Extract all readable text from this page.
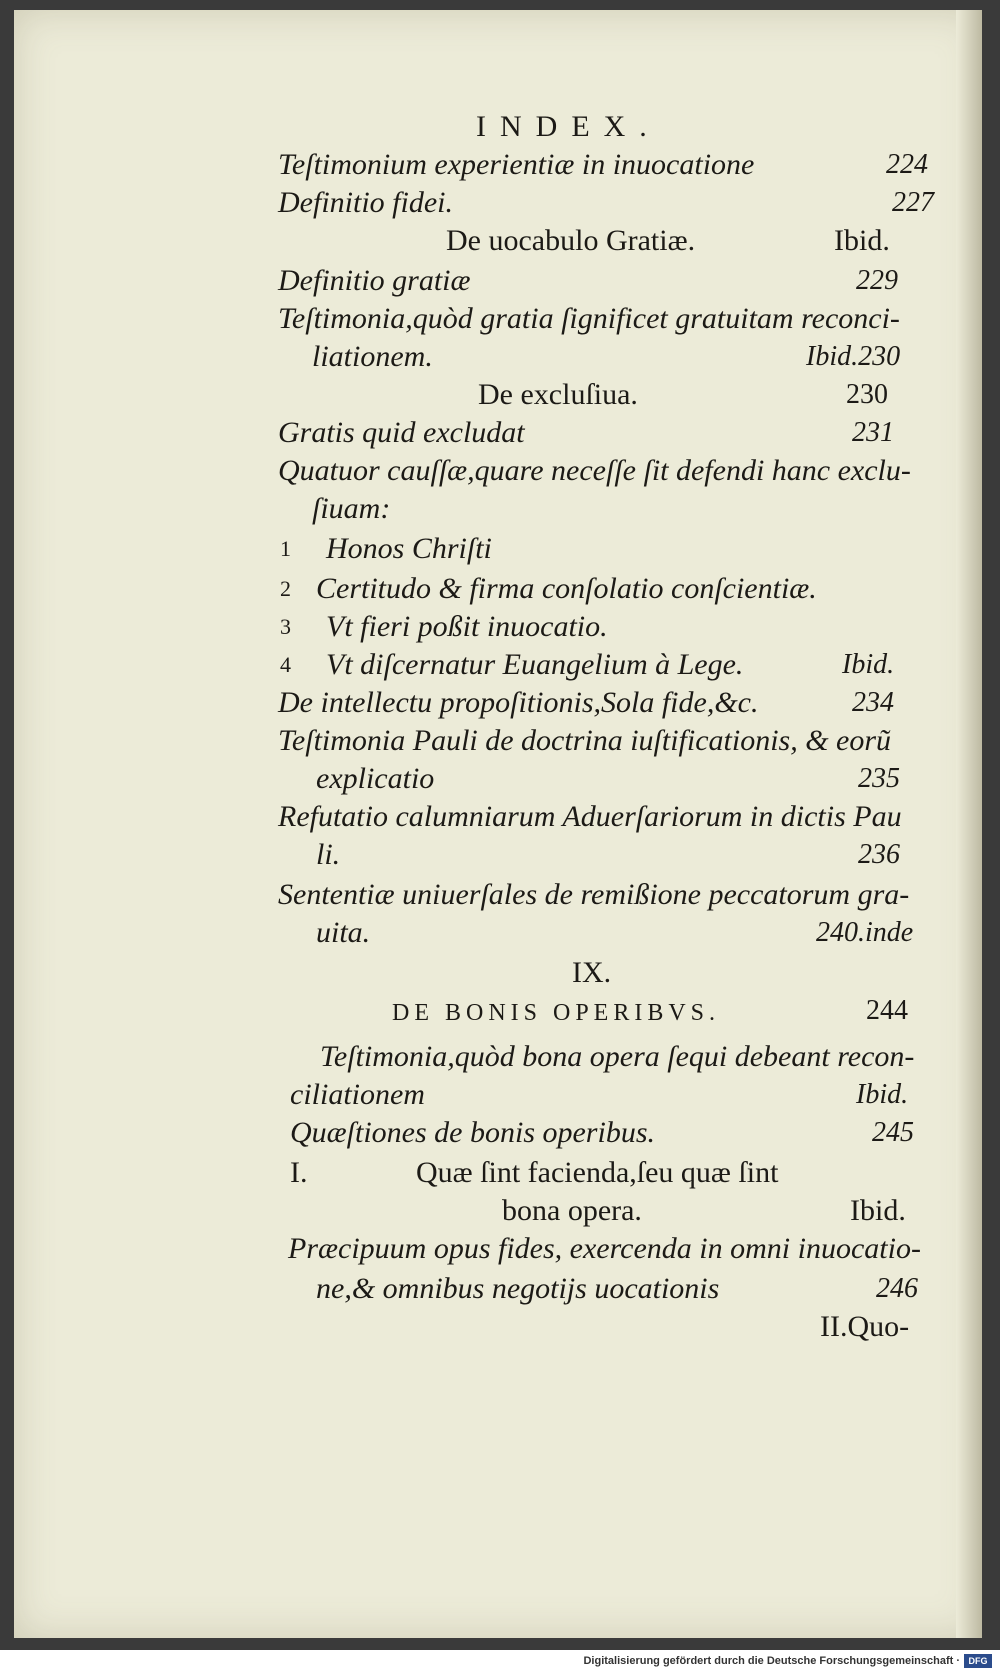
INDEX.
Teſtimonium experientiæ in inuocatione	224
Definitio fidei.	227
De uocabulo Gratiæ.	Ibid.
Definitio gratiæ	229
Teſtimonia,quòd gratia ſignificet gratuitam reconci-
liationem.	Ibid.230
De excluſiua.	230
Gratis quid excludat	231
Quatuor cauſſæ,quare neceſſe ſit defendi hanc exclu-
ſiuam:
1 Honos Chriſti
2 Certitudo & firma conſolatio conſcientiæ.
3 Vt fieri poßit inuocatio.
4 Vt diſcernatur Euangelium à Lege.	Ibid.
De intellectu propoſitionis,Sola fide,&c.	234
Teſtimonia Pauli de doctrina iuſtificationis, & eorũ
explicatio	235
Refutatio calumniarum Aduerſariorum in dictis Pau
li.	236
Sententiæ uniuerſales de remißione peccatorum gra-
uita.	240.inde
IX.
DE BONIS OPERIBVS.	244
Teſtimonia,quòd bona opera ſequi debeant recon-
ciliationem	Ibid.
Quæſtiones de bonis operibus.	245
I.	Quæ ſint facienda,ſeu quæ ſint
bona opera.	Ibid.
Præcipuum opus fides, exercenda in omni inuocatio-
ne,& omnibus negotijs uocationis	246
II.Quo-
Digitalisierung gefördert durch die Deutsche Forschungsgemeinschaft · DFG
